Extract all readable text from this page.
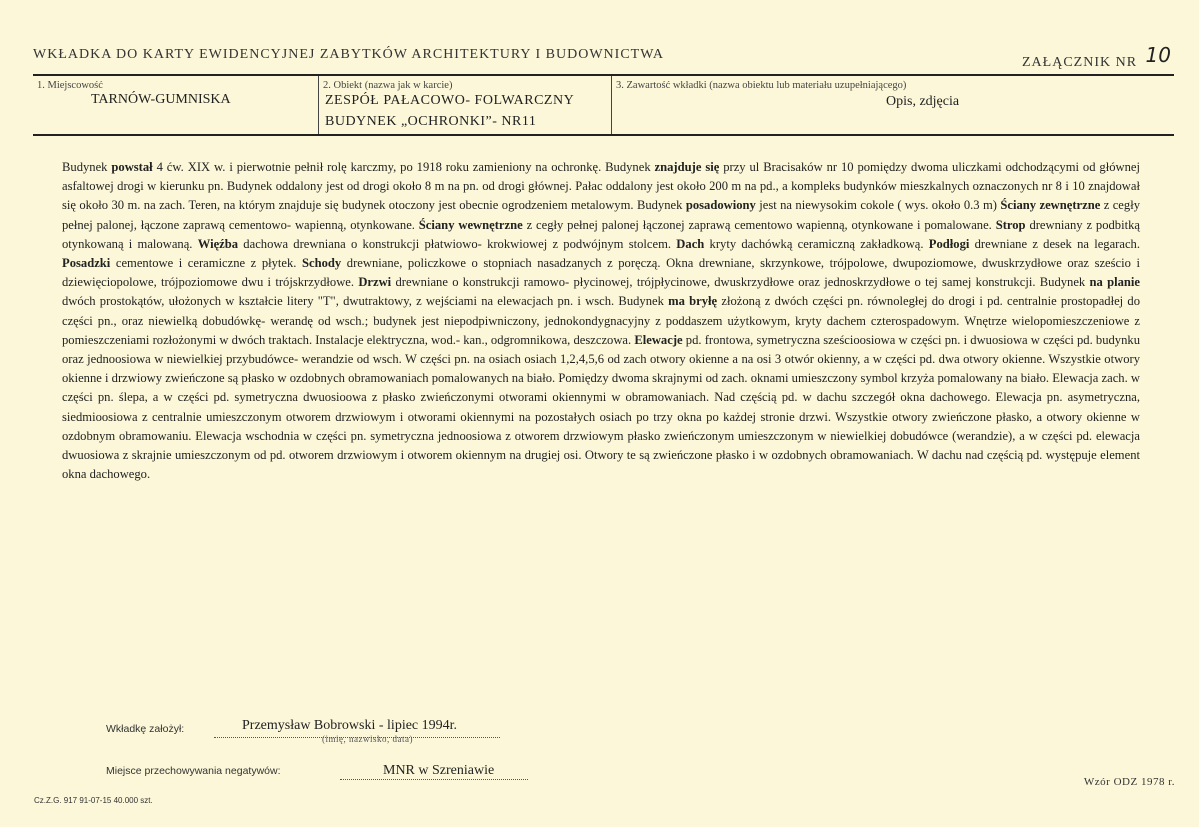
WKŁADKA DO KARTY EWIDENCYJNEJ ZABYTKÓW ARCHITEKTURY I BUDOWNICTWA
ZAŁĄCZNIK NR 10
1. Miejscowość
TARNÓW-GUMNISKA
2. Obiekt (nazwa jak w karcie)
ZESPÓŁ PAŁACOWO- FOLWARCZNY
BUDYNEK „OCHRONKI”- NR11
3. Zawartość wkładki (nazwa obiektu lub materiału uzupełniającego)
Opis, zdjęcia
Budynek powstał 4 ćw. XIX w. i pierwotnie pełnił rolę karczmy, po 1918 roku zamieniony na ochronkę. Budynek znajduje się przy ul Bracisaków nr 10 pomiędzy dwoma uliczkami odchodzącymi od głównej asfaltowej drogi w kierunku pn. Budynek oddalony jest od drogi około 8 m na pn. od drogi głównej. Pałac oddalony jest około 200 m na pd., a kompleks budynków mieszkalnych oznaczonych nr 8 i 10 znajdował się około 30 m. na zach. Teren, na którym znajduje się budynek otoczony jest obecnie ogrodzeniem metalowym. Budynek posadowiony jest na niewysokim cokole ( wys. około 0.3 m) Ściany zewnętrzne z cegły pełnej palonej, łączone zaprawą cementowo- wapienną, otynkowane. Ściany wewnętrzne z cegły pełnej palonej łączonej zaprawą cementowo wapienną, otynkowane i pomalowane. Strop drewniany z podbitką otynkowaną i malowaną. Więźba dachowa drewniana o konstrukcji płatwiowo- krokwiowej z podwójnym stolcem. Dach kryty dachówką ceramiczną zakładkową. Podłogi drewniane z desek na legarach. Posadzki cementowe i ceramiczne z płytek. Schody drewniane, policzkowe o stopniach nasadzanych z poręczą. Okna drewniane, skrzynkowe, trójpolowe, dwupoziomowe, dwuskrzydłowe oraz sześcio i dziewięciopolowe, trójpoziomowe dwu i trójskrzydłowe. Drzwi drewniane o konstrukcji ramowo- płycinowej, trójpłycinowe, dwuskrzydłowe oraz jednoskrzydłowe o tej samej konstrukcji. Budynek na planie dwóch prostokątów, ułożonych w kształcie litery "T", dwutraktowy, z wejściami na elewacjach pn. i wsch. Budynek ma bryłę złożoną z dwóch części pn. równoległej do drogi i pd. centralnie prostopadłej do części pn., oraz niewielką dobudówkę- werandę od wsch.; budynek jest niepodpiwniczony, jednokondygnacyjny z poddaszem użytkowym, kryty dachem czterospadowym. Wnętrze wielopomieszczeniowe z pomieszczeniami rozłożonymi w dwóch traktach. Instalacje elektryczna, wod.- kan., odgromnikowa, deszczowa. Elewacje pd. frontowa, symetryczna sześcioosiowa w części pn. i dwuosiowa w części pd. budynku oraz jednoosiowa w niewielkiej przybudówce- werandzie od wsch. W części pn. na osiach osiach 1,2,4,5,6 od zach otwory okienne a na osi 3 otwór okienny, a w części pd. dwa otwory okienne. Wszystkie otwory okienne i drzwiowy zwieńczone są płasko w ozdobnych obramowaniach pomalowanych na biało. Pomiędzy dwoma skrajnymi od zach. oknami umieszczony symbol krzyża pomalowany na biało. Elewacja zach. w części pn. ślepa, a w części pd. symetryczna dwuosioowa z płasko zwieńczonymi otworami okiennymi w obramowaniach. Nad częścią pd. w dachu szczegół okna dachowego. Elewacja pn. asymetryczna, siedmioosiowa z centralnie umieszczonym otworem drzwiowym i otworami okiennymi na pozostałych osiach po trzy okna po każdej stronie drzwi. Wszystkie otwory zwieńczone płasko, a otwory okienne w ozdobnym obramowaniu. Elewacja wschodnia w części pn. symetryczna jednoosiowa z otworem drzwiowym płasko zwieńczonym umieszczonym w niewielkiej dobudówce (werandzie), a w części pd. elewacja dwuosiowa z skrajnie umieszczonym od pd. otworem drzwiowym i otworem okiennym na drugiej osi. Otwory te są zwieńczone płasko i w ozdobnych obramowaniach. W dachu nad częścią pd. występuje element okna dachowego.
Wkładkę założył:	Przemysław Bobrowski - lipiec 1994r.
(imię, nazwisko, data)
Miejsce przechowywania negatywów:	MNR w Szreniawie
Wzór ODZ 1978 r.
Cz.Z.G. 917 91-07-15 40.000 szt.
